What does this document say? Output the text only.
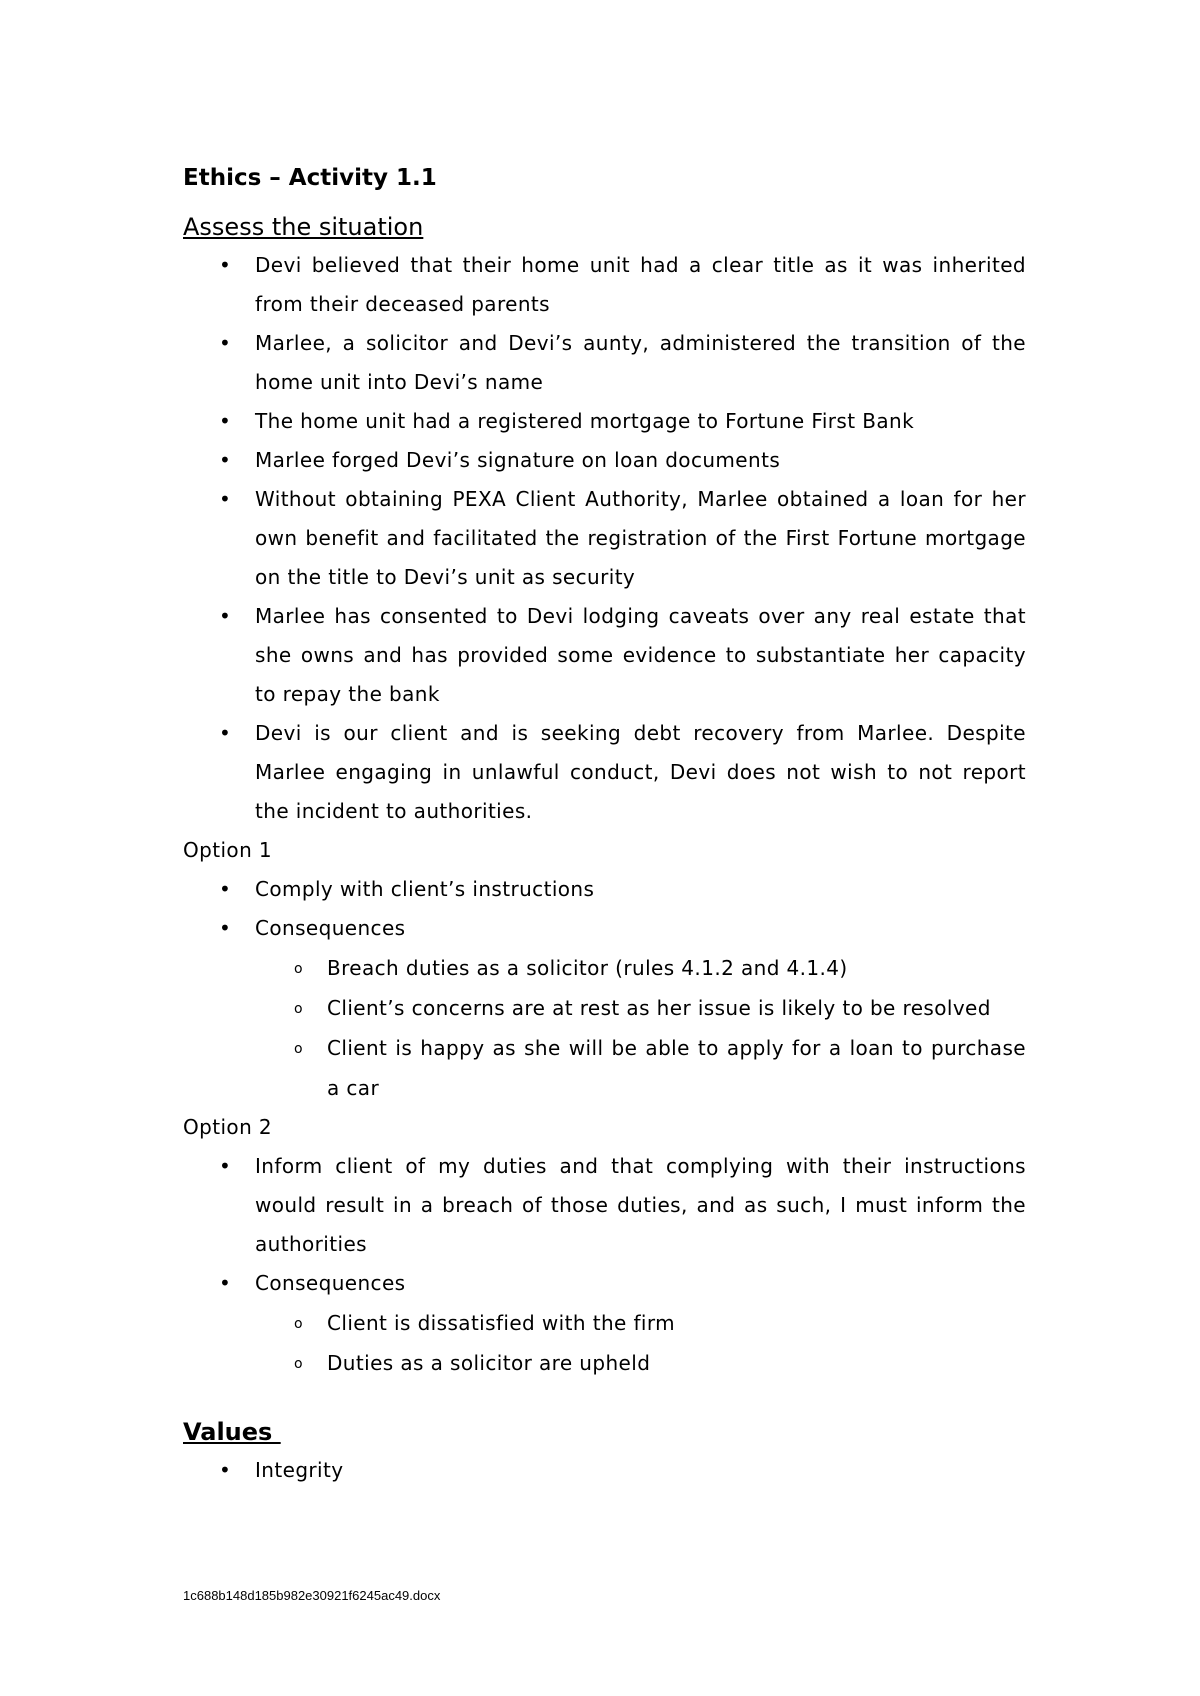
Ethics – Activity 1.1
Assess the situation
• Devi believed that their home unit had a clear title as it was inherited from their deceased parents
• Marlee, a solicitor and Devi’s aunty, administered the transition of the home unit into Devi’s name
• The home unit had a registered mortgage to Fortune First Bank
• Marlee forged Devi’s signature on loan documents
• Without obtaining PEXA Client Authority, Marlee obtained a loan for her own benefit and facilitated the registration of the First Fortune mortgage on the title to Devi’s unit as security
• Marlee has consented to Devi lodging caveats over any real estate that she owns and has provided some evidence to substantiate her capacity to repay the bank
• Devi is our client and is seeking debt recovery from Marlee. Despite Marlee engaging in unlawful conduct, Devi does not wish to not report the incident to authorities.
Option 1
• Comply with client’s instructions
• Consequences
o Breach duties as a solicitor (rules 4.1.2 and 4.1.4)
o Client’s concerns are at rest as her issue is likely to be resolved
o Client is happy as she will be able to apply for a loan to purchase a car
Option 2
• Inform client of my duties and that complying with their instructions would result in a breach of those duties, and as such, I must inform the authorities
• Consequences
o Client is dissatisfied with the firm
o Duties as a solicitor are upheld
Values
• Integrity
1c688b148d185b982e30921f6245ac49.docx
